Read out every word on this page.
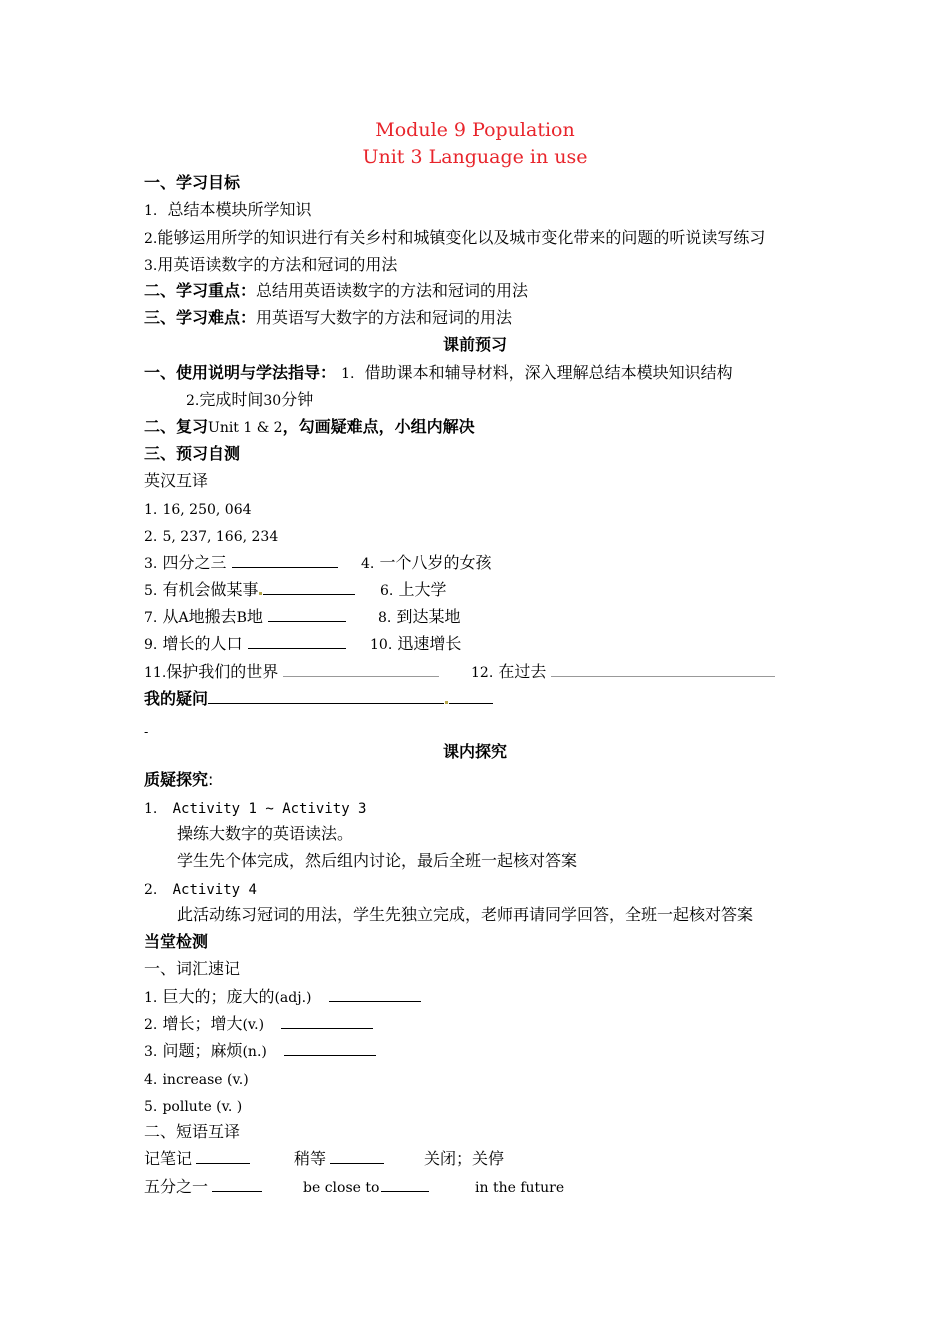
Module 9 Population
Unit 3 Language in use
一、学习目标
1. 总结本模块所学知识
2.能够运用所学的知识进行有关乡村和城镇变化以及城市变化带来的问题的听说读写练习
3.用英语读数字的方法和冠词的用法
二、学习重点：总结用英语读数字的方法和冠词的用法
三、学习难点：用英语写大数字的方法和冠词的用法
课前预习
一、使用说明与学法指导： 1. 借助课本和辅导材料，深入理解总结本模块知识结构
2.完成时间30分钟
二、复习Unit 1 & 2，勾画疑难点，小组内解决
三、预习自测
英汉互译
1. 16, 250, 064
2. 5, 237, 166, 234
3. 四分之三	4. 一个八岁的女孩
5. 有机会做某事	6. 上大学
7. 从A地搬去B地	8. 到达某地
9. 增长的人口	10. 迅速增长
11.保护我们的世界	12. 在过去
我的疑问
-
课内探究
质疑探究:
1. Activity 1 ~ Activity 3
操练大数字的英语读法。
学生先个体完成，然后组内讨论，最后全班一起核对答案
2. Activity 4
此活动练习冠词的用法，学生先独立完成，老师再请同学回答，全班一起核对答案
当堂检测
一、词汇速记
1. 巨大的；庞大的(adj.)
2. 增长；增大(v.)
3. 问题；麻烦(n.)
4. increase (v.)
5. pollute (v. )
二、短语互译
记笔记	稍等	关闭；关停
五分之一	be close to	in the future
